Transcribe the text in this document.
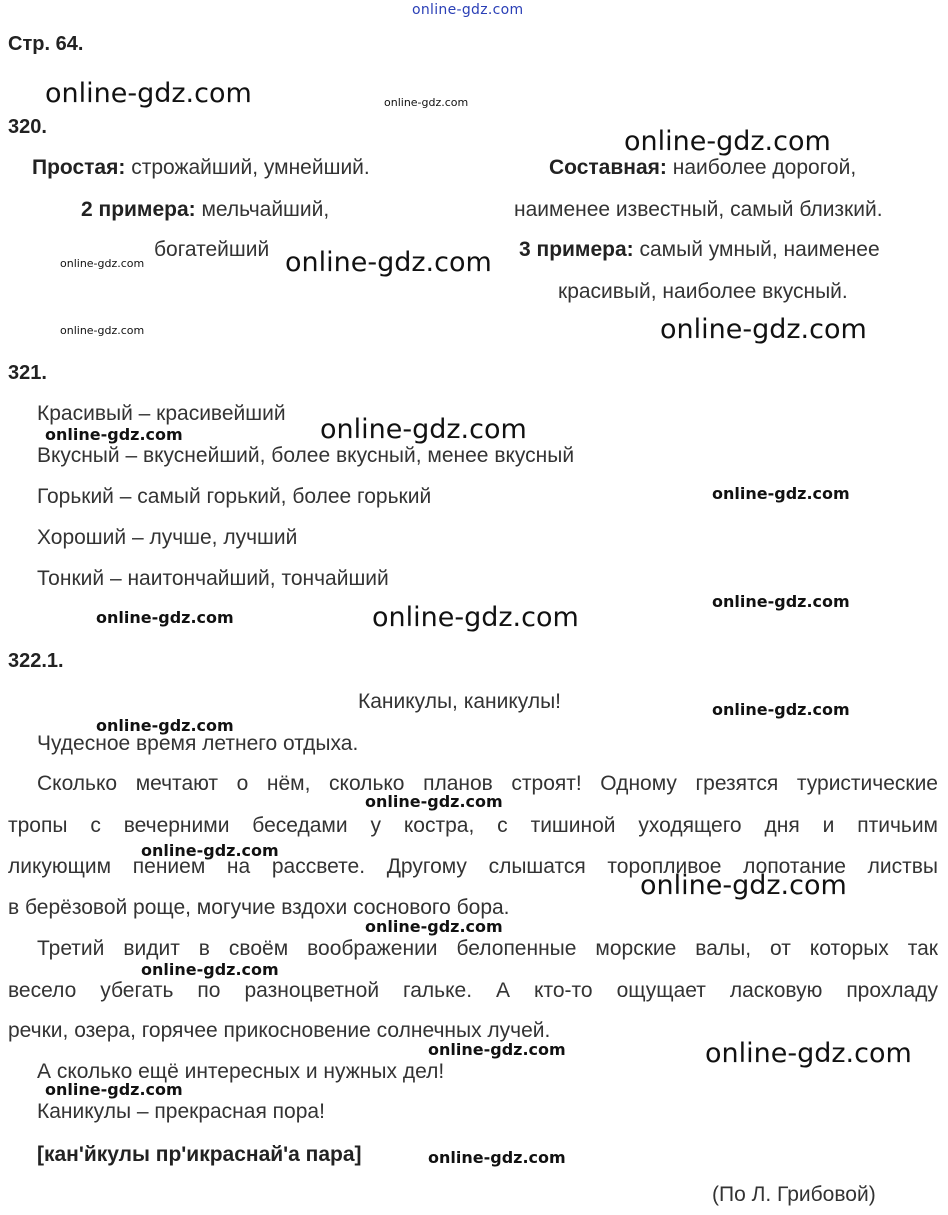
online-gdz.com
Стр. 64.
320.
Простая: строжайший, умнейший.
2 примера: мельчайший,
богатейший
Составная: наиболее дорогой,
наименее известный, самый близкий.
3 примера: самый умный, наименее
красивый, наиболее вкусный.
321.
Красивый – красивейший
Вкусный – вкуснейший, более вкусный, менее вкусный
Горький – самый горький, более горький
Хороший – лучше, лучший
Тонкий – наитончайший, тончайший
322.1.
Каникулы, каникулы!
Чудесное время летнего отдыха.
Сколько мечтают о нём, сколько планов строят! Одному грезятся туристические
тропы с вечерними беседами у костра, с тишиной уходящего дня и птичьим
ликующим пением на рассвете. Другому слышатся торопливое лопотание листвы
в берёзовой роще, могучие вздохи соснового бора.
Третий видит в своём воображении белопенные морские валы, от которых так
весело убегать по разноцветной гальке. А кто-то ощущает ласковую прохладу
речки, озера, горячее прикосновение солнечных лучей.
А сколько ещё интересных и нужных дел!
Каникулы – прекрасная пора!
[кан'йкулы пр'икраснай'а пара]
(По Л. Грибовой)
online-gdz.com	online-gdz.com
online-gdz.com
online-gdz.com	online-gdz.com
online-gdz.com	online-gdz.com
online-gdz.com	online-gdz.com
online-gdz.com
online-gdz.com
online-gdz.com	online-gdz.com
online-gdz.com
online-gdz.com
online-gdz.com
online-gdz.com
online-gdz.com
online-gdz.com
online-gdz.com
online-gdz.com	online-gdz.com
online-gdz.com
online-gdz.com
